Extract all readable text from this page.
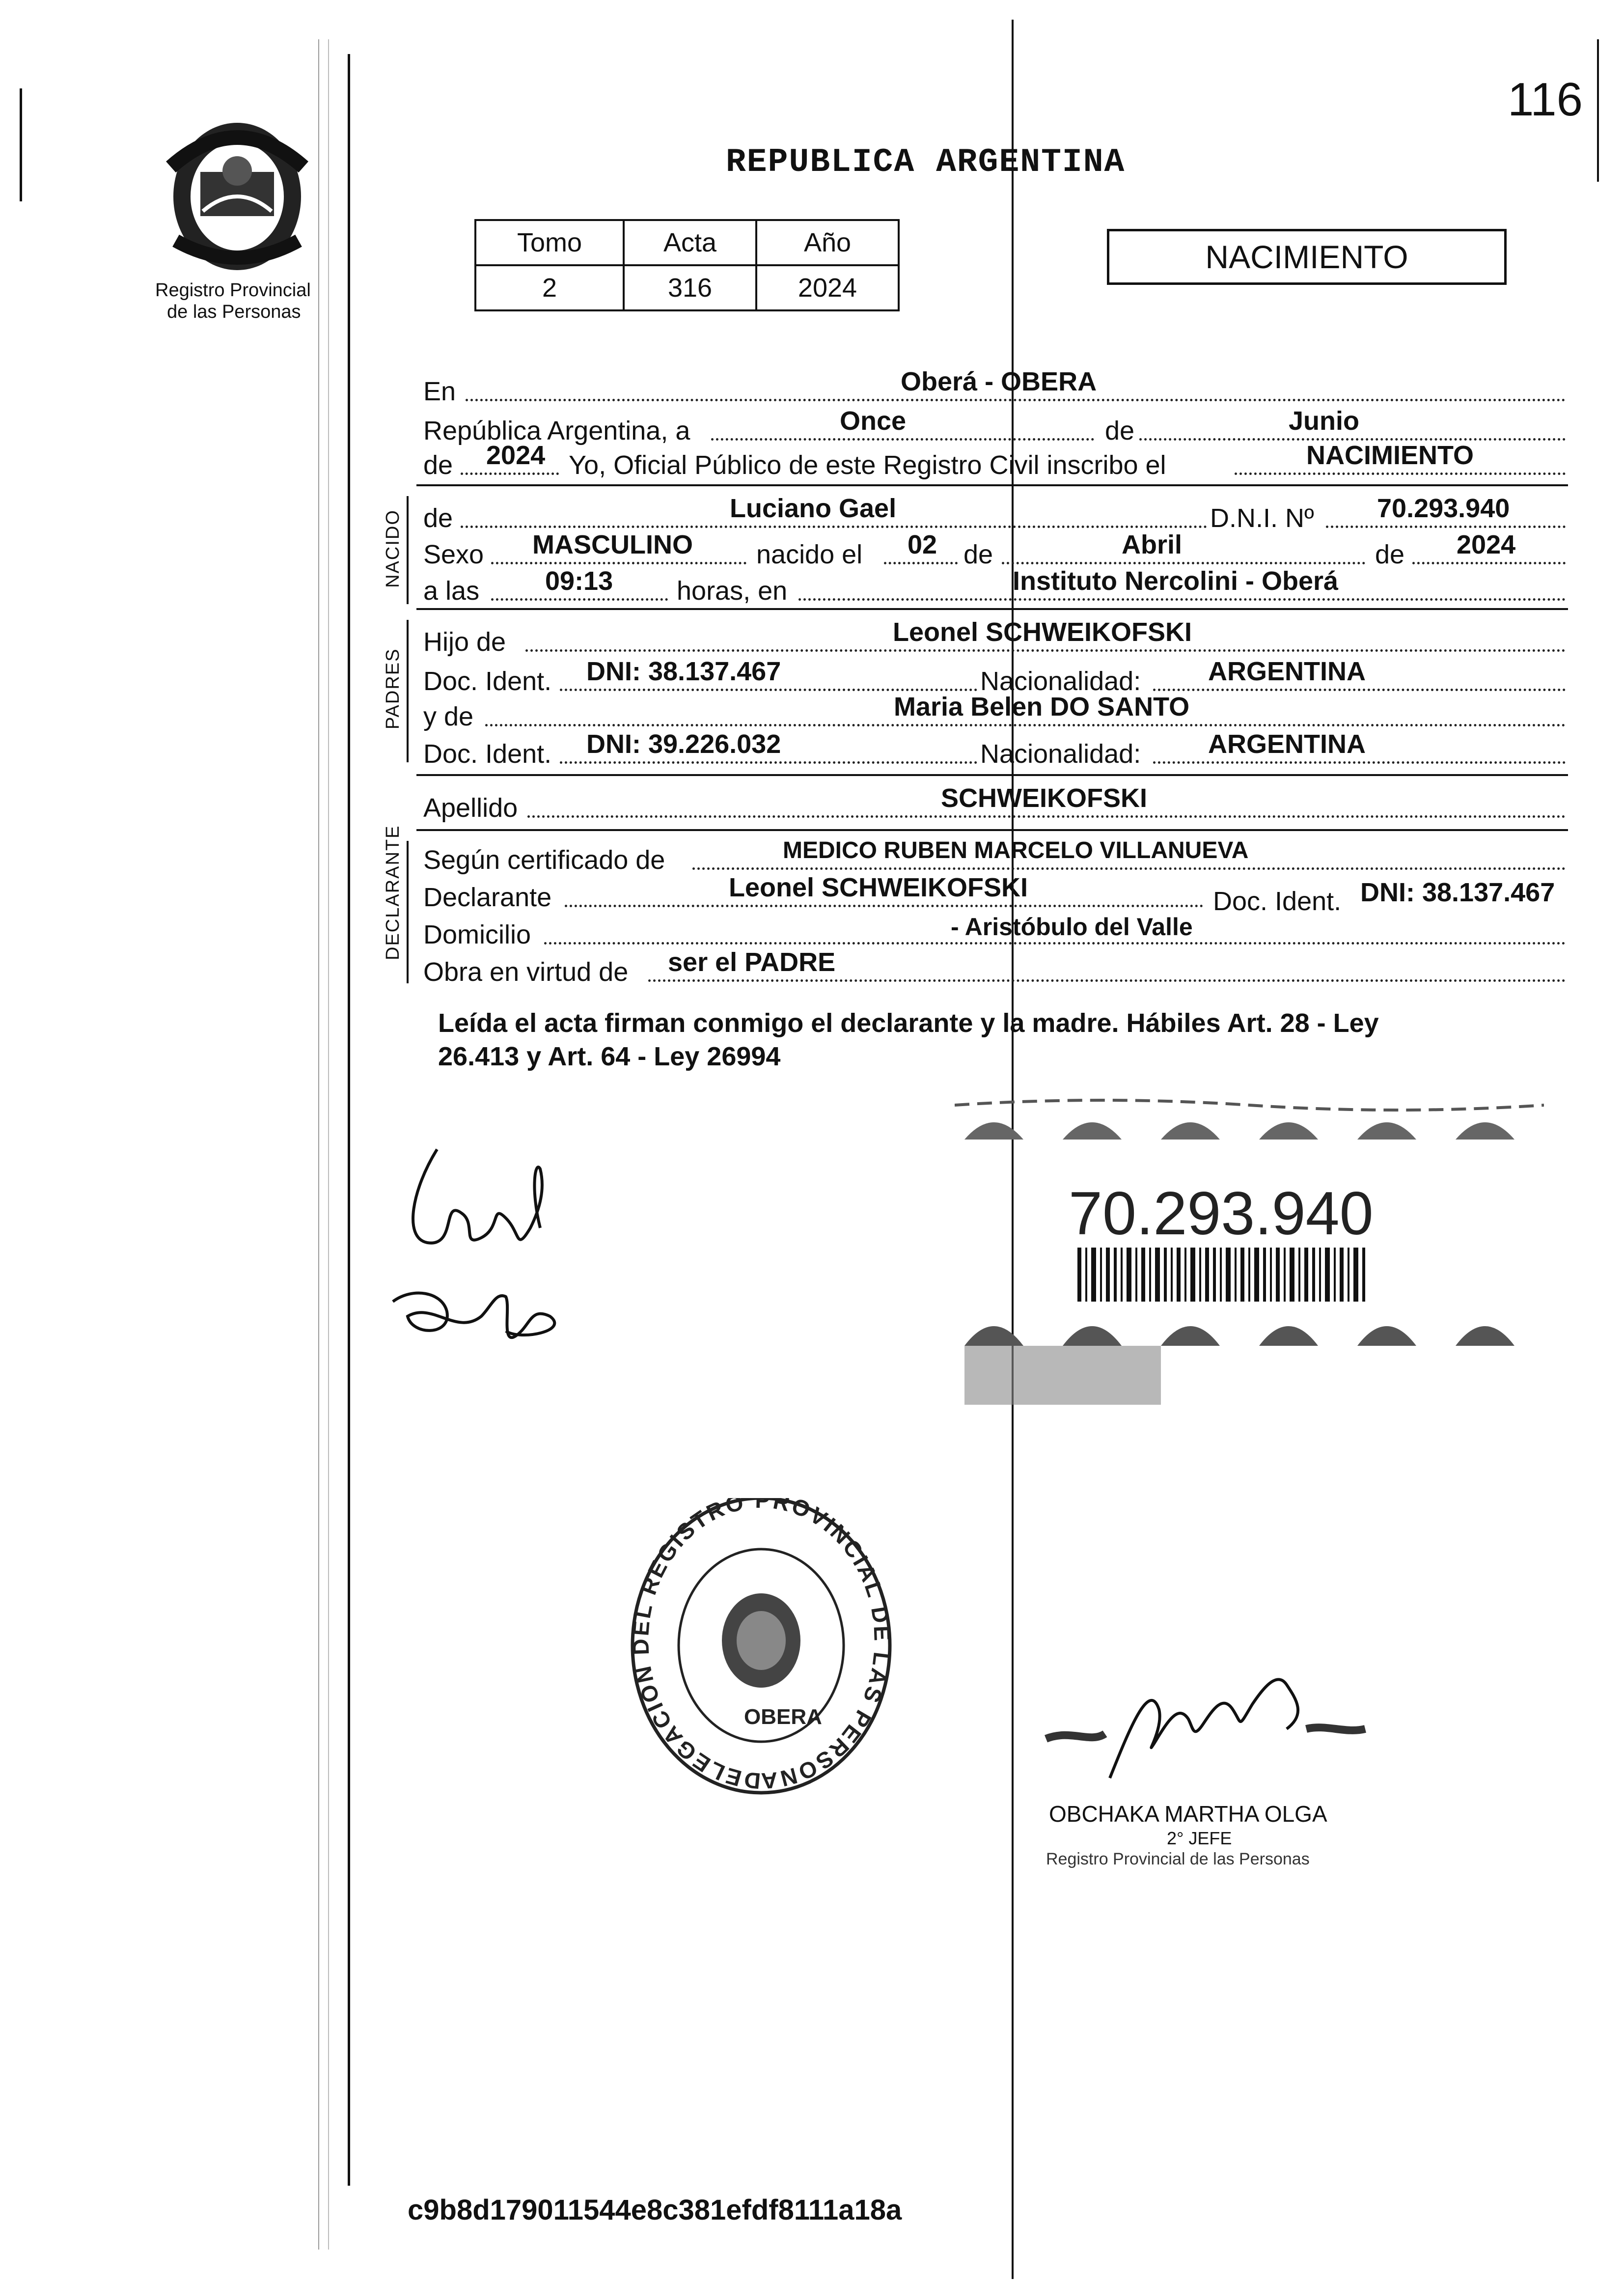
116
Registro Provincial
de las Personas
REPUBLICA ARGENTINA
Tomo	Acta	Año
2	316	2024
NACIMIENTO
En	Oberá - OBERA
República Argentina, a	Once	de	Junio
de 2024 Yo, Oficial Público de este Registro Civil inscribo el	NACIMIENTO
NACIDO de	Luciano Gael	D.N.I. Nº 70.293.940
Sexo MASCULINO nacido el 02 de	Abril	de 2024
a las 09:13 horas, en	Instituto Nercolini - Oberá
PADRES
Hijo de	Leonel SCHWEIKOFSKI
Doc. Ident. DNI: 38.137.467	Nacionalidad:	ARGENTINA
y de	Maria Belen DO SANTO
Doc. Ident. DNI: 39.226.032	Nacionalidad:	ARGENTINA
Apellido	SCHWEIKOFSKI
DECLARANTE Según certificado de	MEDICO RUBEN MARCELO VILLANUEVA
Declarante	Leonel SCHWEIKOFSKI	Doc. Ident. DNI: 38.137.467
Domicilio	- Aristóbulo del Valle
Obra en virtud de ser el PADRE
Leída el acta firman conmigo el declarante y la madre. Hábiles Art. 28 - Ley
26.413 y Art. 64 - Ley 26994
70.293.940
DELEGACION DEL REGISTRO PROVINCIAL DE LAS PERSONA
OBERA
OBCHAKA MARTHA OLGA
2° JEFE
Registro Provincial de las Personas
c9b8d179011544e8c381efdf8111a18a
